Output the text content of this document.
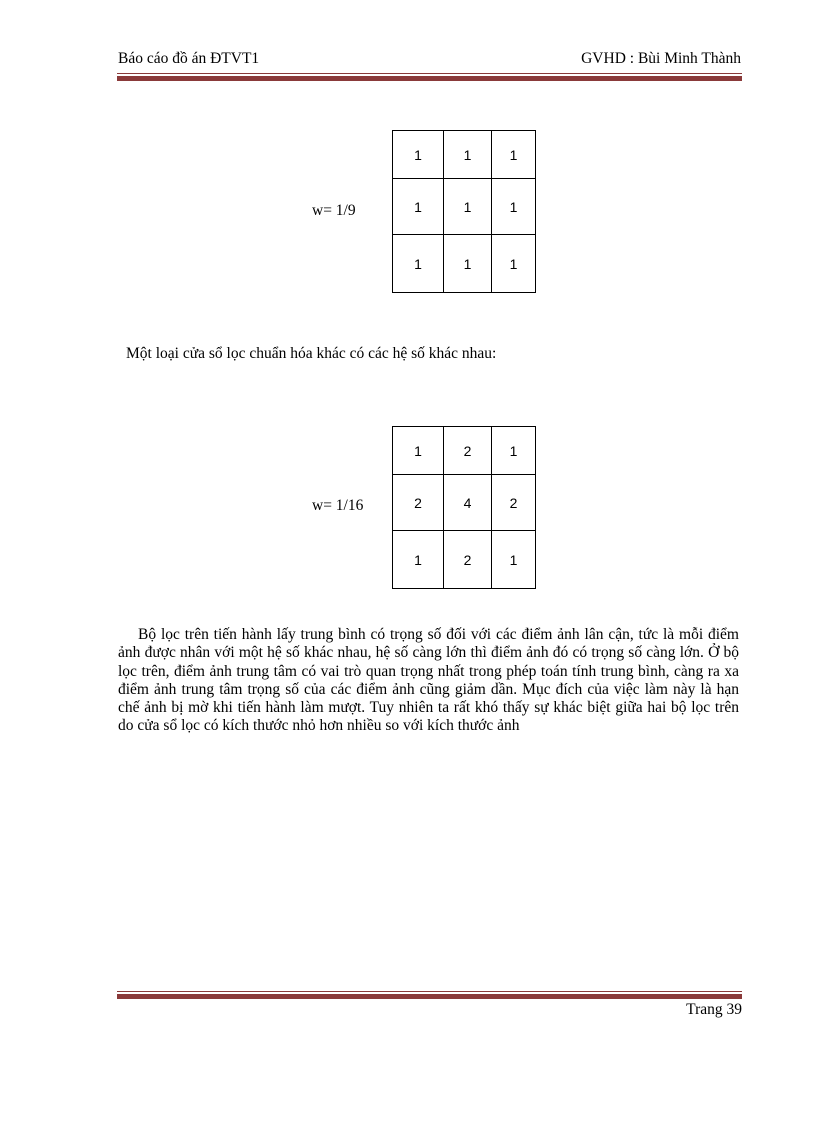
Báo cáo đồ án ĐTVT1	GVHD : Bùi Minh Thành
w= 1/9
1	1	1
1	1	1
1	1	1
Một loại cửa sổ lọc chuẩn hóa khác có các hệ số khác nhau:
w= 1/16
1	2	1
2	4	2
1	2	1

Bộ lọc trên tiến hành lấy trung bình có trọng số đối với các điểm ảnh lân cận, tức là mỗi điểm ảnh được nhân với một hệ số khác nhau, hệ số càng lớn thì điểm ảnh đó có trọng số càng lớn. Ở bộ lọc trên, điểm ảnh trung tâm có vai trò quan trọng nhất trong phép toán tính trung bình, càng ra xa điểm ảnh trung tâm trọng số của các điểm ảnh cũng giảm dần. Mục đích của việc làm này là hạn chế ảnh bị mờ khi tiến hành làm mượt. Tuy nhiên ta rất khó thấy sự khác biệt giữa hai bộ lọc trên do cửa sổ lọc có kích thước nhỏ hơn nhiều so với kích thước ảnh

Trang 39
